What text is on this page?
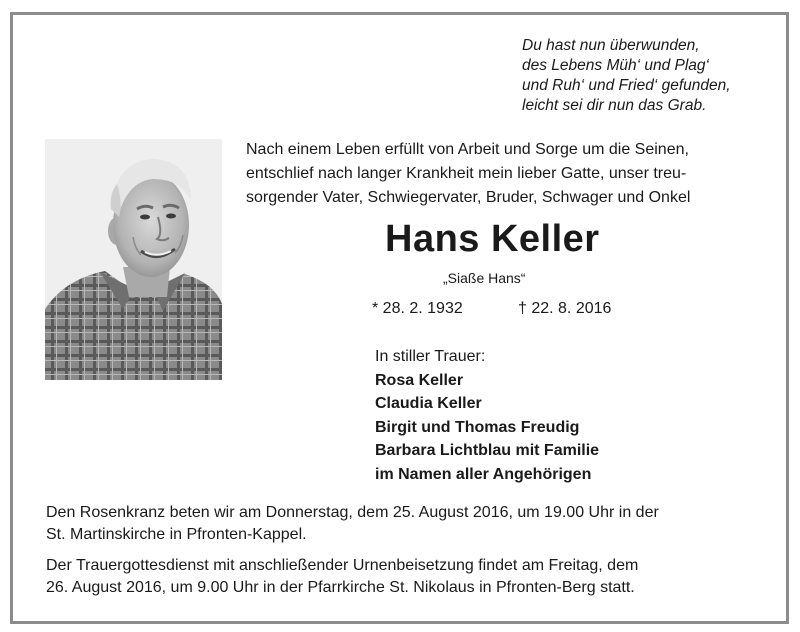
Du hast nun überwunden,
des Lebens Müh‘ und Plag‘
und Ruh‘ und Fried‘ gefunden,
leicht sei dir nun das Grab.
Nach einem Leben erfüllt von Arbeit und Sorge um die Seinen,
entschlief nach langer Krankheit mein lieber Gatte, unser treu-
sorgender Vater, Schwiegervater, Bruder, Schwager und Onkel
Hans Keller
„Siaße Hans“
* 28. 2. 1932	† 22. 8. 2016
In stiller Trauer:
Rosa Keller
Claudia Keller
Birgit und Thomas Freudig
Barbara Lichtblau mit Familie
im Namen aller Angehörigen
Den Rosenkranz beten wir am Donnerstag, dem 25. August 2016, um 19.00 Uhr in der
St. Martinskirche in Pfronten-Kappel.
Der Trauergottesdienst mit anschließender Urnenbeisetzung findet am Freitag, dem
26. August 2016, um 9.00 Uhr in der Pfarrkirche St. Nikolaus in Pfronten-Berg statt.
